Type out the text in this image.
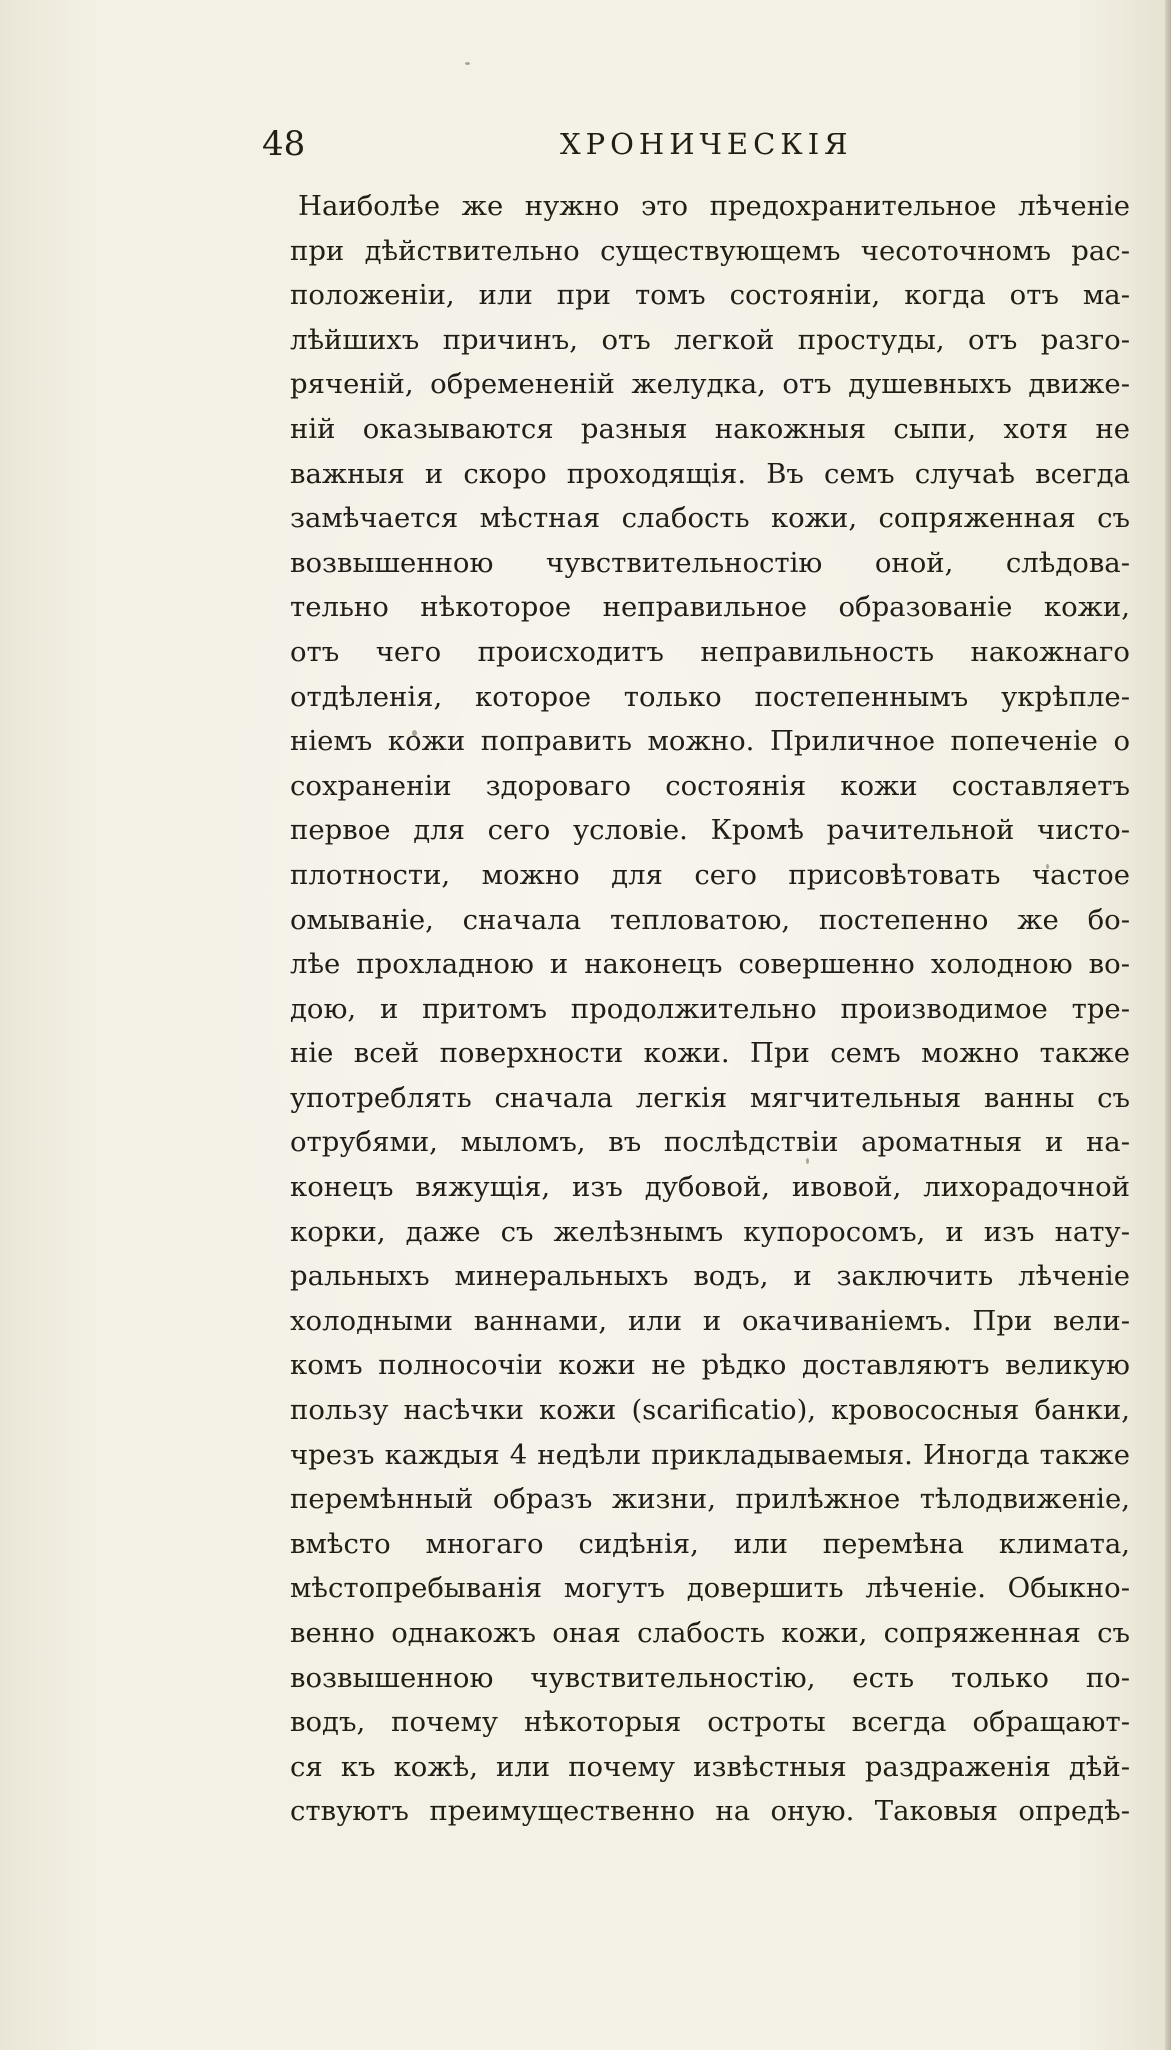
48	ХРОНИЧЕСКІЯ
Наиболѣе же нужно это предохранительное лѣченіе
при дѣйствительно существующемъ чесоточномъ рас-
положеніи, или при томъ состояніи, когда отъ ма-
лѣйшихъ причинъ, отъ легкой простуды, отъ разго-
ряченій, обремененій желудка, отъ душевныхъ движе-
ній оказываются разныя накожныя сыпи, хотя не
важныя и скоро проходящія. Въ семъ случаѣ всегда
замѣчается мѣстная слабость кожи, сопряженная съ
возвышенною чувствительностію оной, слѣдова-
тельно нѣкоторое неправильное образованіе кожи,
отъ чего происходитъ неправильность накожнаго
отдѣленія, которое только постепеннымъ укрѣпле-
ніемъ кожи поправить можно. Приличное попеченіе о
сохраненіи здороваго состоянія кожи составляетъ
первое для сего условіе. Кромѣ рачительной чисто-
плотности, можно для сего присовѣтовать частое
омываніе, сначала тепловатою, постепенно же бо-
лѣе прохладною и наконецъ совершенно холодною во-
дою, и притомъ продолжительно производимое тре-
ніе всей поверхности кожи. При семъ можно также
употреблять сначала легкія мягчительныя ванны съ
отрубями, мыломъ, въ послѣдствіи ароматныя и на-
конецъ вяжущія, изъ дубовой, ивовой, лихорадочной
корки, даже съ желѣзнымъ купоросомъ, и изъ нату-
ральныхъ минеральныхъ водъ, и заключить лѣченіе
холодными ваннами, или и окачиваніемъ. При вели-
комъ полносочіи кожи не рѣдко доставляютъ великую
пользу насѣчки кожи (scarificatio), кровососныя банки,
чрезъ каждыя 4 недѣли прикладываемыя. Иногда также
перемѣнный образъ жизни, прилѣжное тѣлодвиженіе,
вмѣсто многаго сидѣнія, или перемѣна климата,
мѣстопребыванія могутъ довершить лѣченіе. Обыкно-
венно однакожъ оная слабость кожи, сопряженная съ
возвышенною чувствительностію, есть только по-
водъ, почему нѣкоторыя остроты всегда обращают-
ся къ кожѣ, или почему извѣстныя раздраженія дѣй-
ствуютъ преимущественно на оную. Таковыя опредѣ-
